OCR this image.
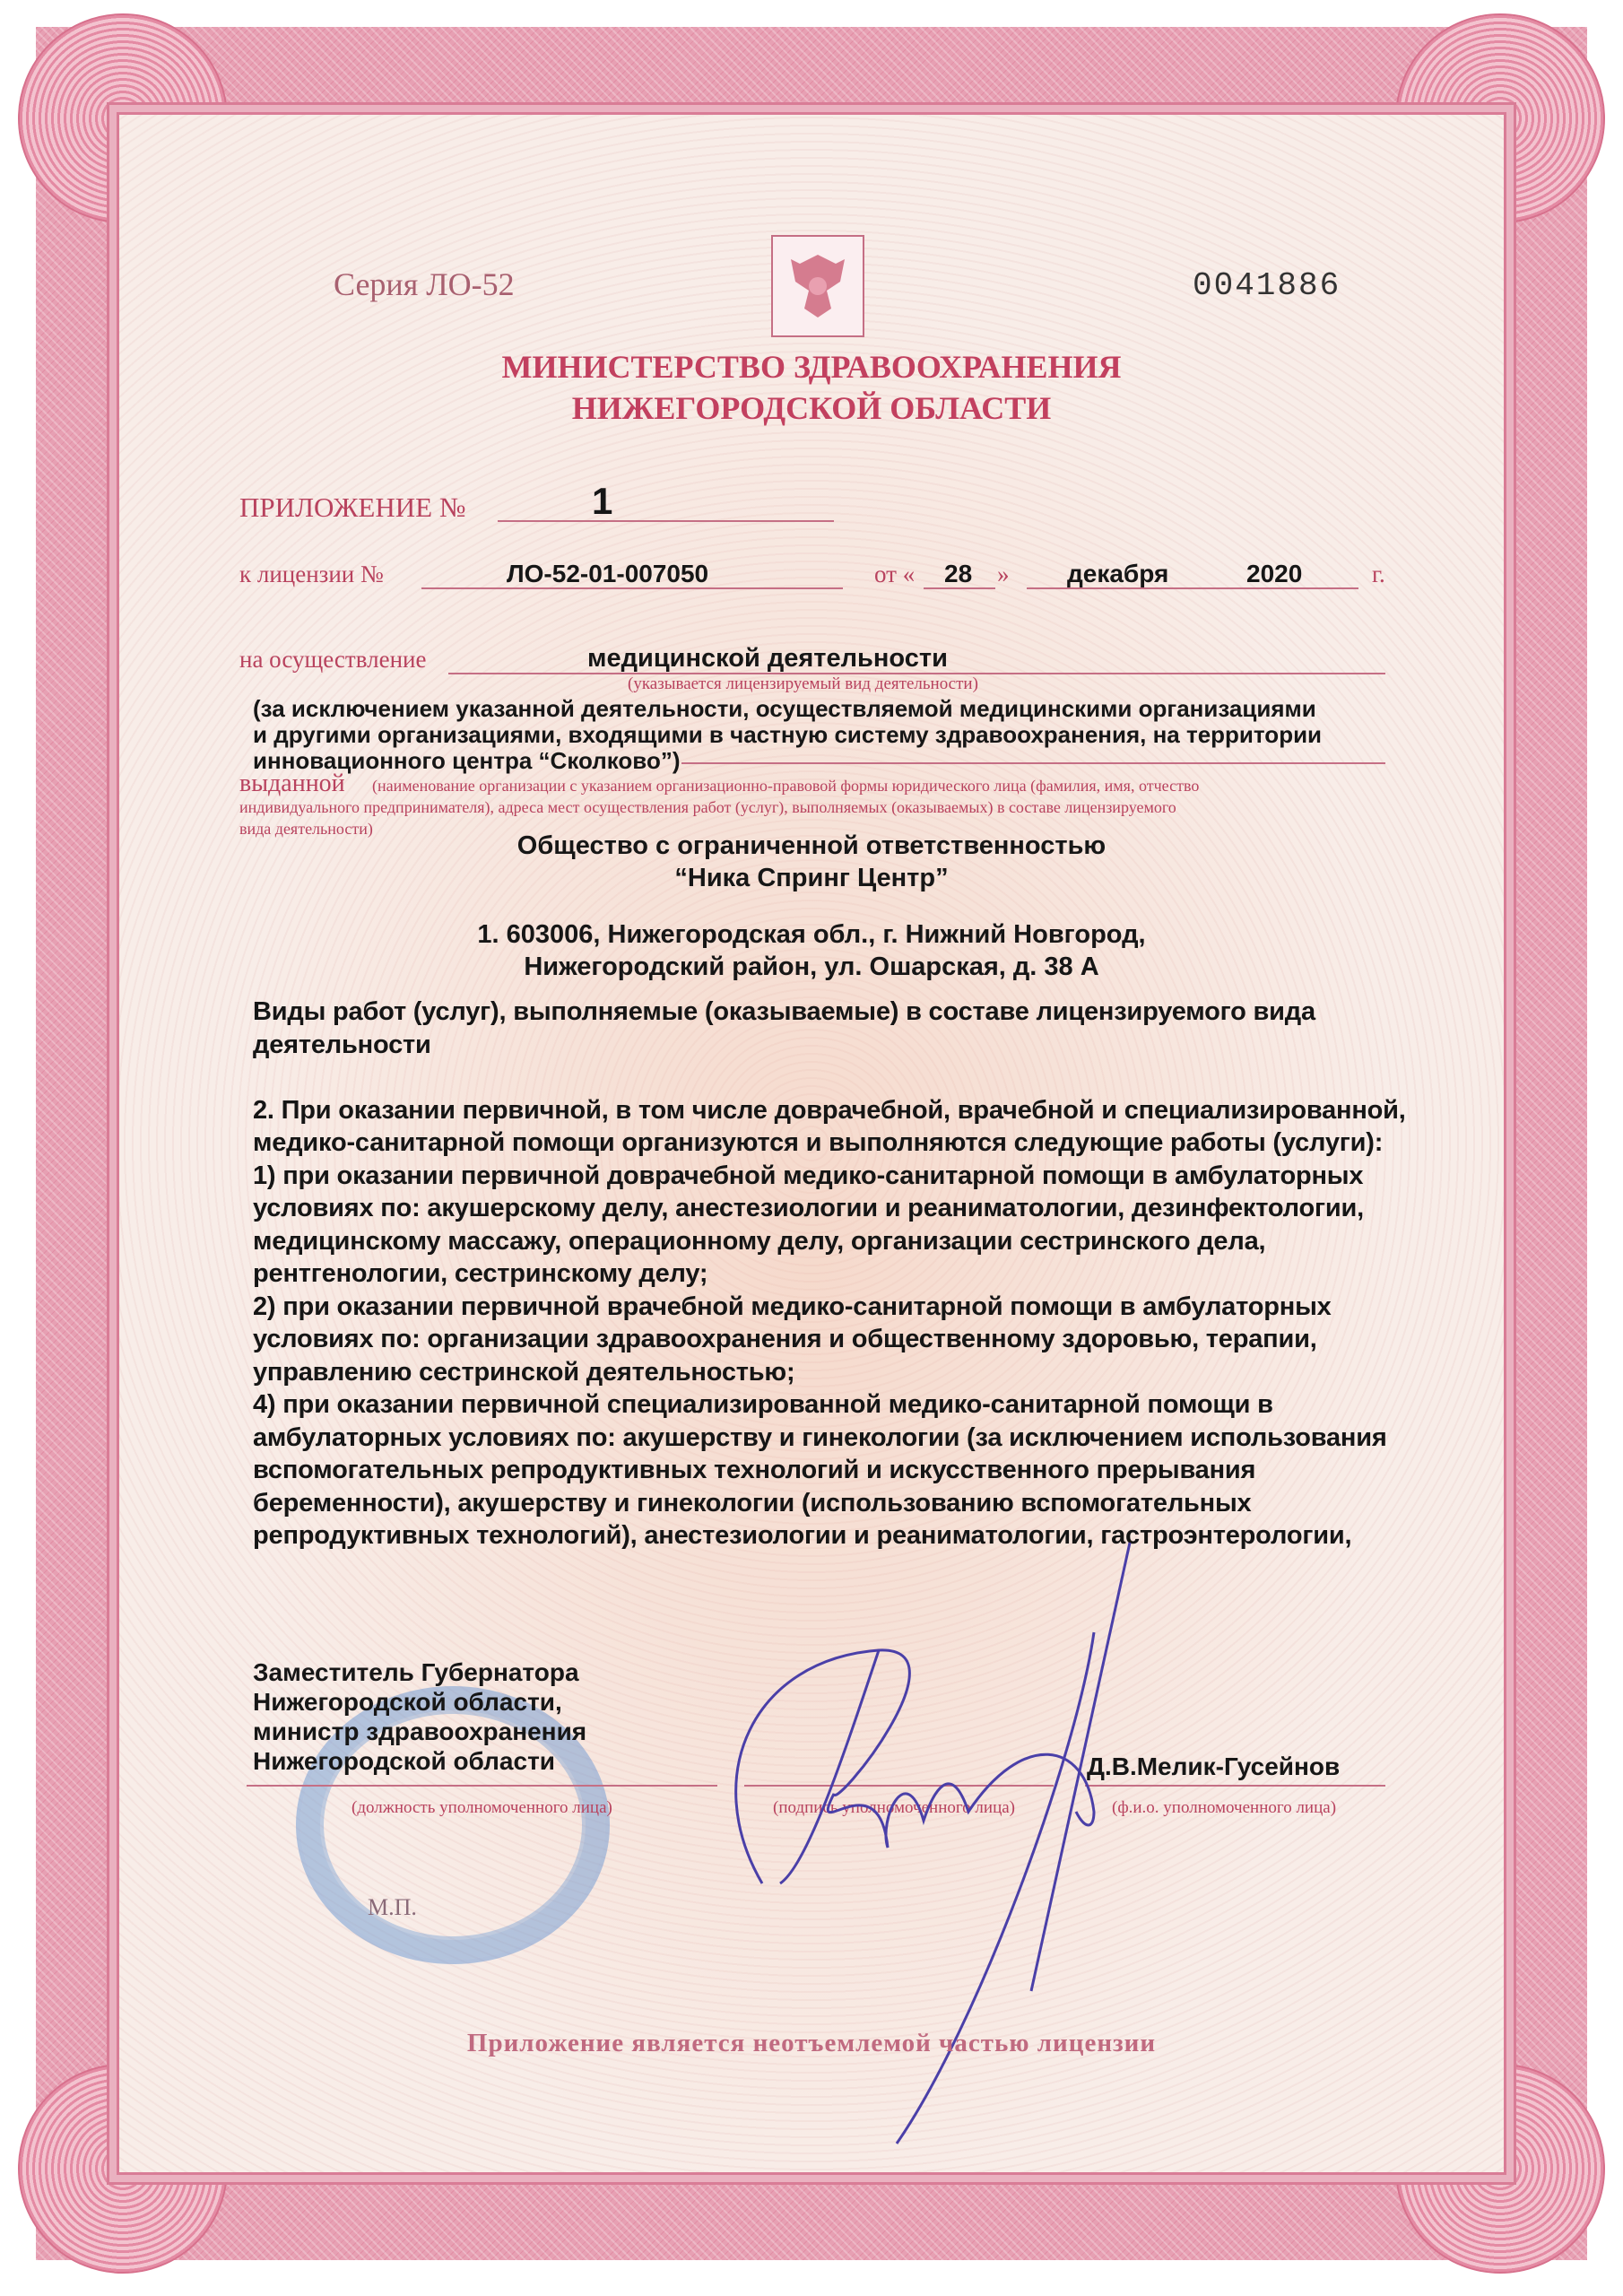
Серия ЛО-52	0041886
МИНИСТЕРСТВО ЗДРАВООХРАНЕНИЯ
НИЖЕГОРОДСКОЙ ОБЛАСТИ
ПРИЛОЖЕНИЕ №	1
к лицензии №	ЛО-52-01-007050	от « 28 » декабря	2020	г.
на осуществление	медицинской деятельности
(указывается лицензируемый вид деятельности)
(за исключением указанной деятельности, осуществляемой медицинскими организациями
и другими организациями, входящими в частную систему здравоохранения, на территории
инновационного центра “Сколково”)
выданной (наименование организации с указанием организационно-правовой формы юридического лица (фамилия, имя, отчество
индивидуального предпринимателя), адреса мест осуществления работ (услуг), выполняемых (оказываемых) в составе лицензируемого
вида деятельности)
Общество с ограниченной ответственностью
“Ника Спринг Центр”
1. 603006, Нижегородская обл., г. Нижний Новгород,
Нижегородский район, ул. Ошарская, д. 38 А
Виды работ (услуг), выполняемые (оказываемые) в составе лицензируемого вида
деятельности
2. При оказании первичной, в том числе доврачебной, врачебной и специализированной,
медико-санитарной помощи организуются и выполняются следующие работы (услуги):
1) при оказании первичной доврачебной медико-санитарной помощи в амбулаторных
условиях по: акушерскому делу, анестезиологии и реаниматологии, дезинфектологии,
медицинскому массажу, операционному делу, организации сестринского дела,
рентгенологии, сестринскому делу;
2) при оказании первичной врачебной медико-санитарной помощи в амбулаторных
условиях по: организации здравоохранения и общественному здоровью, терапии,
управлению сестринской деятельностью;
4) при оказании первичной специализированной медико-санитарной помощи в
амбулаторных условиях по: акушерству и гинекологии (за исключением использования
вспомогательных репродуктивных технологий и искусственного прерывания
беременности), акушерству и гинекологии (использованию вспомогательных
репродуктивных технологий), анестезиологии и реаниматологии, гастроэнтерологии,
Заместитель Губернатора
Нижегородской области,
министр здравоохранения
Нижегородской области	Д.В.Мелик-Гусейнов
(должность уполномоченного лица)	(подпись уполномоченного лица)	(ф.и.о. уполномоченного лица)
М.П.
Приложение является неотъемлемой частью лицензии
